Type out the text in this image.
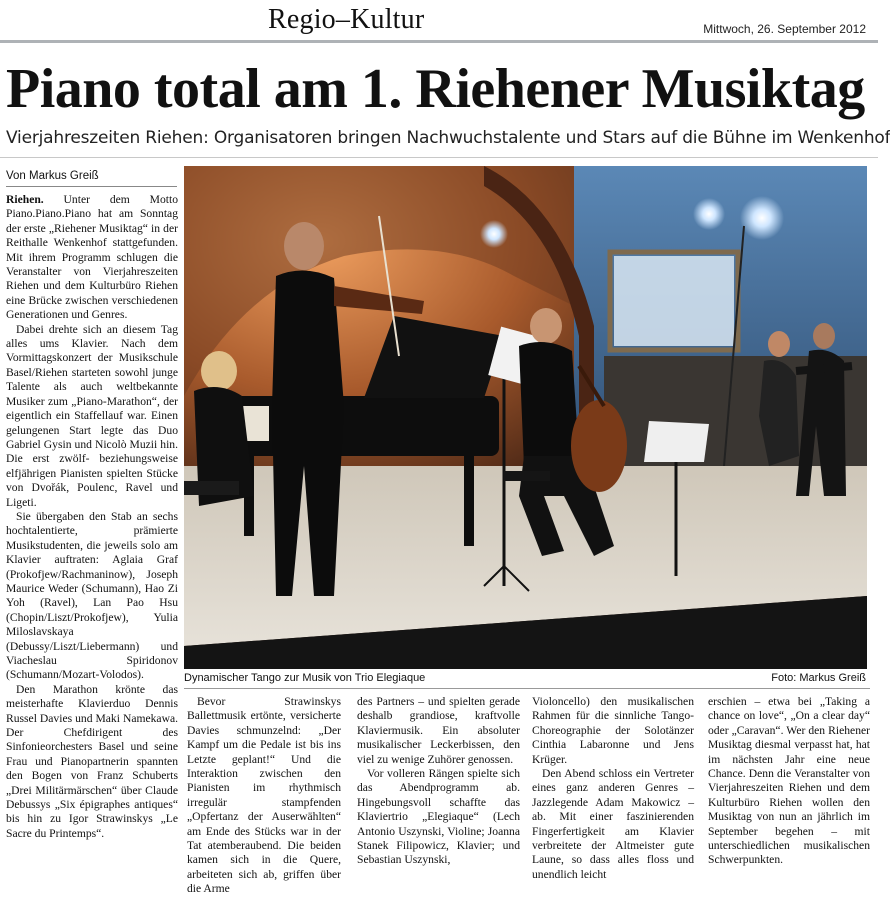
Regio–Kultur	Mittwoch, 26. September 2012
Piano total am 1. Riehener Musiktag
Vierjahreszeiten Riehen: Organisatoren bringen Nachwuchstalente und Stars auf die Bühne im Wenkenhof
Von Markus Greiß

Riehen. Unter dem Motto Piano.Piano.Piano hat am Sonntag der erste „Riehener Musiktag“ in der Reithalle Wenkenhof stattgefunden. Mit ihrem Programm schlugen die Veranstalter von Vierjahreszeiten Riehen und dem Kulturbüro Riehen eine Brücke zwischen verschiedenen Generationen und Genres.

Dabei drehte sich an diesem Tag alles ums Klavier. Nach dem Vormittagskonzert der Musikschule Basel/Riehen starteten sowohl junge Talente als auch weltbekannte Musiker zum „Piano-Marathon“, der eigentlich ein Staffellauf war. Einen gelungenen Start legte das Duo Gabriel Gysin und Nicolò Muzii hin. Die erst zwölf- beziehungsweise elfjährigen Pianisten spielten Stücke von Dvořák, Poulenc, Ravel und Ligeti.

Sie übergaben den Stab an sechs hochtalentierte, prämierte Musikstudenten, die jeweils solo am Klavier auftraten: Aglaia Graf (Prokofjew/Rachmaninow), Joseph Maurice Weder (Schumann), Hao Zi Yoh (Ravel), Lan Pao Hsu (Chopin/Liszt/Prokofjew), Yulia Miloslavskaya (Debussy/Liszt/Liebermann) und Viacheslau Spiridonov (Schumann/Mozart-Volodos).

Den Marathon krönte das meisterhafte Klavierduo Dennis Russel Davies und Maki Namekawa. Der Chefdirigent des Sinfonieorchesters Basel und seine Frau und Pianopartnerin spannten den Bogen von Franz Schuberts „Drei Militärmärschen“ über Claude Debussys „Six épigraphes antiques“ bis hin zu Igor Strawinskys „Le Sacre du Printemps“.

Dynamischer Tango zur Musik von Trio Elegiaque	Foto: Markus Greiß

Bevor Strawinskys Ballettmusik ertönte, versicherte Davies schmunzelnd: „Der Kampf um die Pedale ist bis ins Letzte geplant!“ Und die Interaktion zwischen den Pianisten im rhythmisch irregulär stampfenden „Opfertanz der Auserwählten“ am Ende des Stücks war in der Tat atemberaubend. Die beiden kamen sich in die Quere, arbeiteten sich ab, griffen über die Arme

des Partners – und spielten gerade deshalb grandiose, kraftvolle Klaviermusik. Ein absoluter musikalischer Leckerbissen, den viel zu wenige Zuhörer genossen.

Vor volleren Rängen spielte sich das Abendprogramm ab. Hingebungsvoll schaffte das Klaviertrio „Elegiaque“ (Lech Antonio Uszynski, Violine; Joanna Stanek Filipowicz, Klavier; und Sebastian Uszynski,

Violoncello) den musikalischen Rahmen für die sinnliche Tango-Choreographie der Solotänzer Cinthia Labaronne und Jens Krüger.

Den Abend schloss ein Vertreter eines ganz anderen Genres – Jazzlegende Adam Makowicz – ab. Mit einer faszinierenden Fingerfertigkeit am Klavier verbreitete der Altmeister gute Laune, so dass alles floss und unendlich leicht

erschien – etwa bei „Taking a chance on love“, „On a clear day“ oder „Caravan“. Wer den Riehener Musiktag diesmal verpasst hat, hat im nächsten Jahr eine neue Chance. Denn die Veranstalter von Vierjahreszeiten Riehen und dem Kulturbüro Riehen wollen den Musiktag von nun an jährlich im September begehen – mit unterschiedlichen musikalischen Schwerpunkten.
